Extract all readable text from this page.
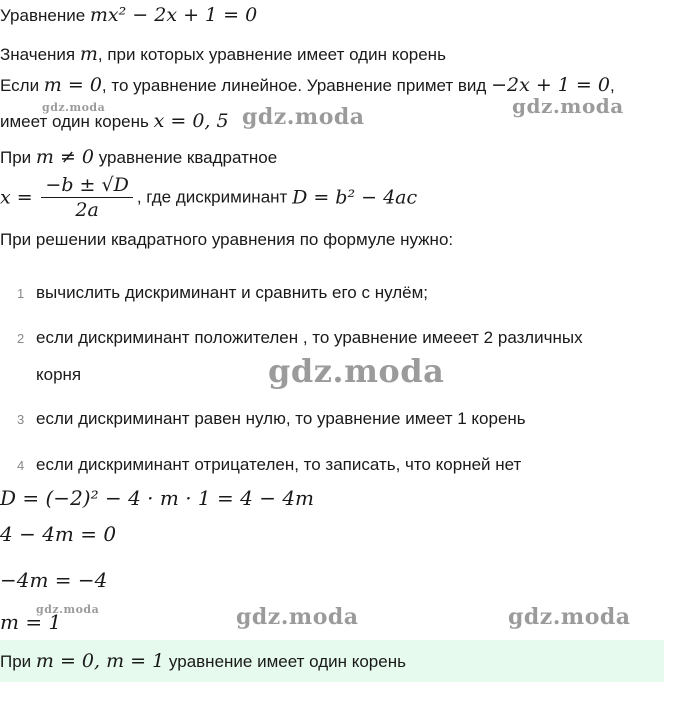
Уравнение mx² − 2x + 1 = 0
Значения m, при которых уравнение имеет один корень
Если m = 0, то уравнение линейное. Уравнение примет вид −2x + 1 = 0,
имеет один корень x = 0, 5
При m ≠ 0 уравнение квадратное
$x = \frac{-b \pm √D}{2a}$ , где дискриминант D = b² − 4ac
При решении квадратного уравнения по формуле нужно:
1 вычислить дискриминант и сравнить его с нулём;
2 если дискриминант положителен , то уравнение имееет 2 различных
корня
3 если дискриминант равен нулю, то уравнение имеет 1 корень
4 если дискриминант отрицателен, то записать, что корней нет
D = (−2)² − 4 · m · 1 = 4 − 4m
4 − 4m = 0
−4m = −4
m = 1
При m = 0, m = 1 уравнение имеет один корень
gdz.moda	gdz.moda	gdz.moda
gdz.moda
gdz.moda	gdz.moda	gdz.moda
